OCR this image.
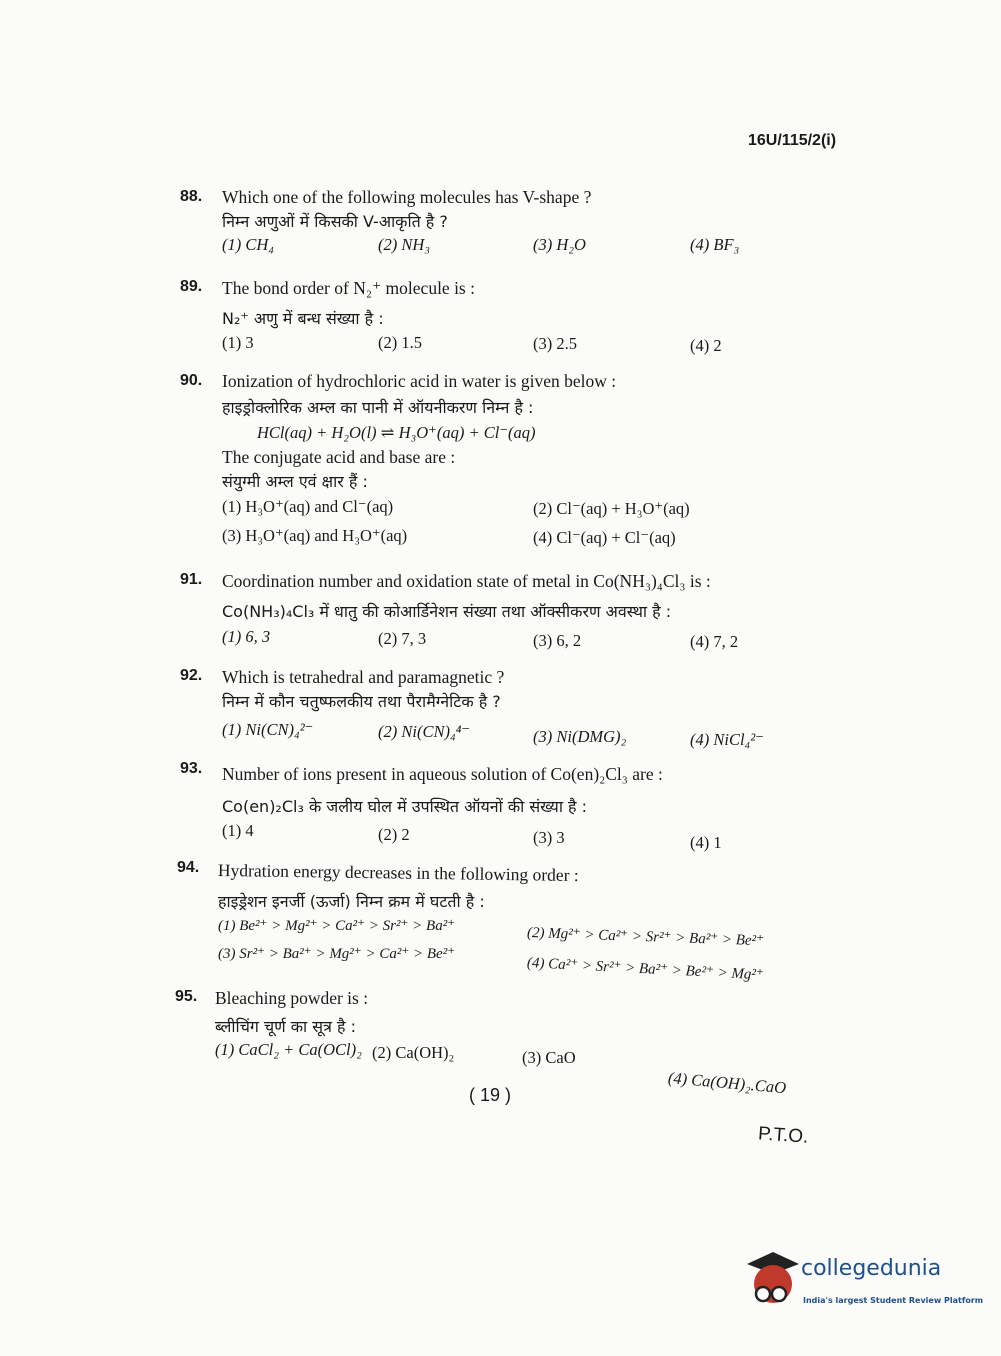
16U/115/2(i)
88. Which one of the following molecules has V-shape ?
निम्न अणुओं में किसकी V-आकृति है ?
(1) CH₄	(2) NH₃	(3) H₂O	(4) BF₃
89. The bond order of N₂⁺ molecule is :
N₂⁺ अणु में बन्ध संख्या है :
(1) 3	(2) 1.5	(3) 2.5	(4) 2
90. Ionization of hydrochloric acid in water is given below :
हाइड्रोक्लोरिक अम्ल का पानी में ऑयनीकरण निम्न है :
HCl(aq) + H₂O(l) ⇌ H₃O⁺(aq) + Cl⁻(aq)
The conjugate acid and base are :
संयुग्मी अम्ल एवं क्षार हैं :
(1) H₃O⁺(aq) and Cl⁻(aq)	(2) Cl⁻(aq) + H₃O⁺(aq)
(3) H₃O⁺(aq) and H₃O⁺(aq)	(4) Cl⁻(aq) + Cl⁻(aq)
91. Coordination number and oxidation state of metal in Co(NH₃)₄Cl₃ is :
Co(NH₃)₄Cl₃ में धातु की कोआर्डिनेशन संख्या तथा ऑक्सीकरण अवस्था है :
(1) 6, 3	(2) 7, 3	(3) 6, 2	(4) 7, 2
92. Which is tetrahedral and paramagnetic ?
निम्न में कौन चतुष्फलकीय तथा पैरामैग्नेटिक है ?
(1) Ni(CN)₄²⁻	(2) Ni(CN)₄⁴⁻	(3) Ni(DMG)₂	(4) NiCl₄²⁻
93. Number of ions present in aqueous solution of Co(en)₂Cl₃ are :
Co(en)₂Cl₃ के जलीय घोल में उपस्थित ऑयनों की संख्या है :
(1) 4	(2) 2	(3) 3	(4) 1
94. Hydration energy decreases in the following order :
हाइड्रेशन इनर्जी (ऊर्जा) निम्न क्रम में घटती है :
(1) Be²⁺ > Mg²⁺ > Ca²⁺ > Sr²⁺ > Ba²⁺	(2) Mg²⁺ > Ca²⁺ > Sr²⁺ > Ba²⁺ > Be²⁺
(3) Sr²⁺ > Ba²⁺ > Mg²⁺ > Ca²⁺ > Be²⁺
(4) Ca²⁺ > Sr²⁺ > Ba²⁺ > Be²⁺ > Mg²⁺
95. Bleaching powder is :
ब्लीचिंग चूर्ण का सूत्र है :
(1) CaCl₂ + Ca(OCl)₂ (2) Ca(OH)₂	(3) CaO
(4) Ca(OH)₂.CaO
( 19 )
P.T.O.
collegedunia
India's largest Student Review Platform
